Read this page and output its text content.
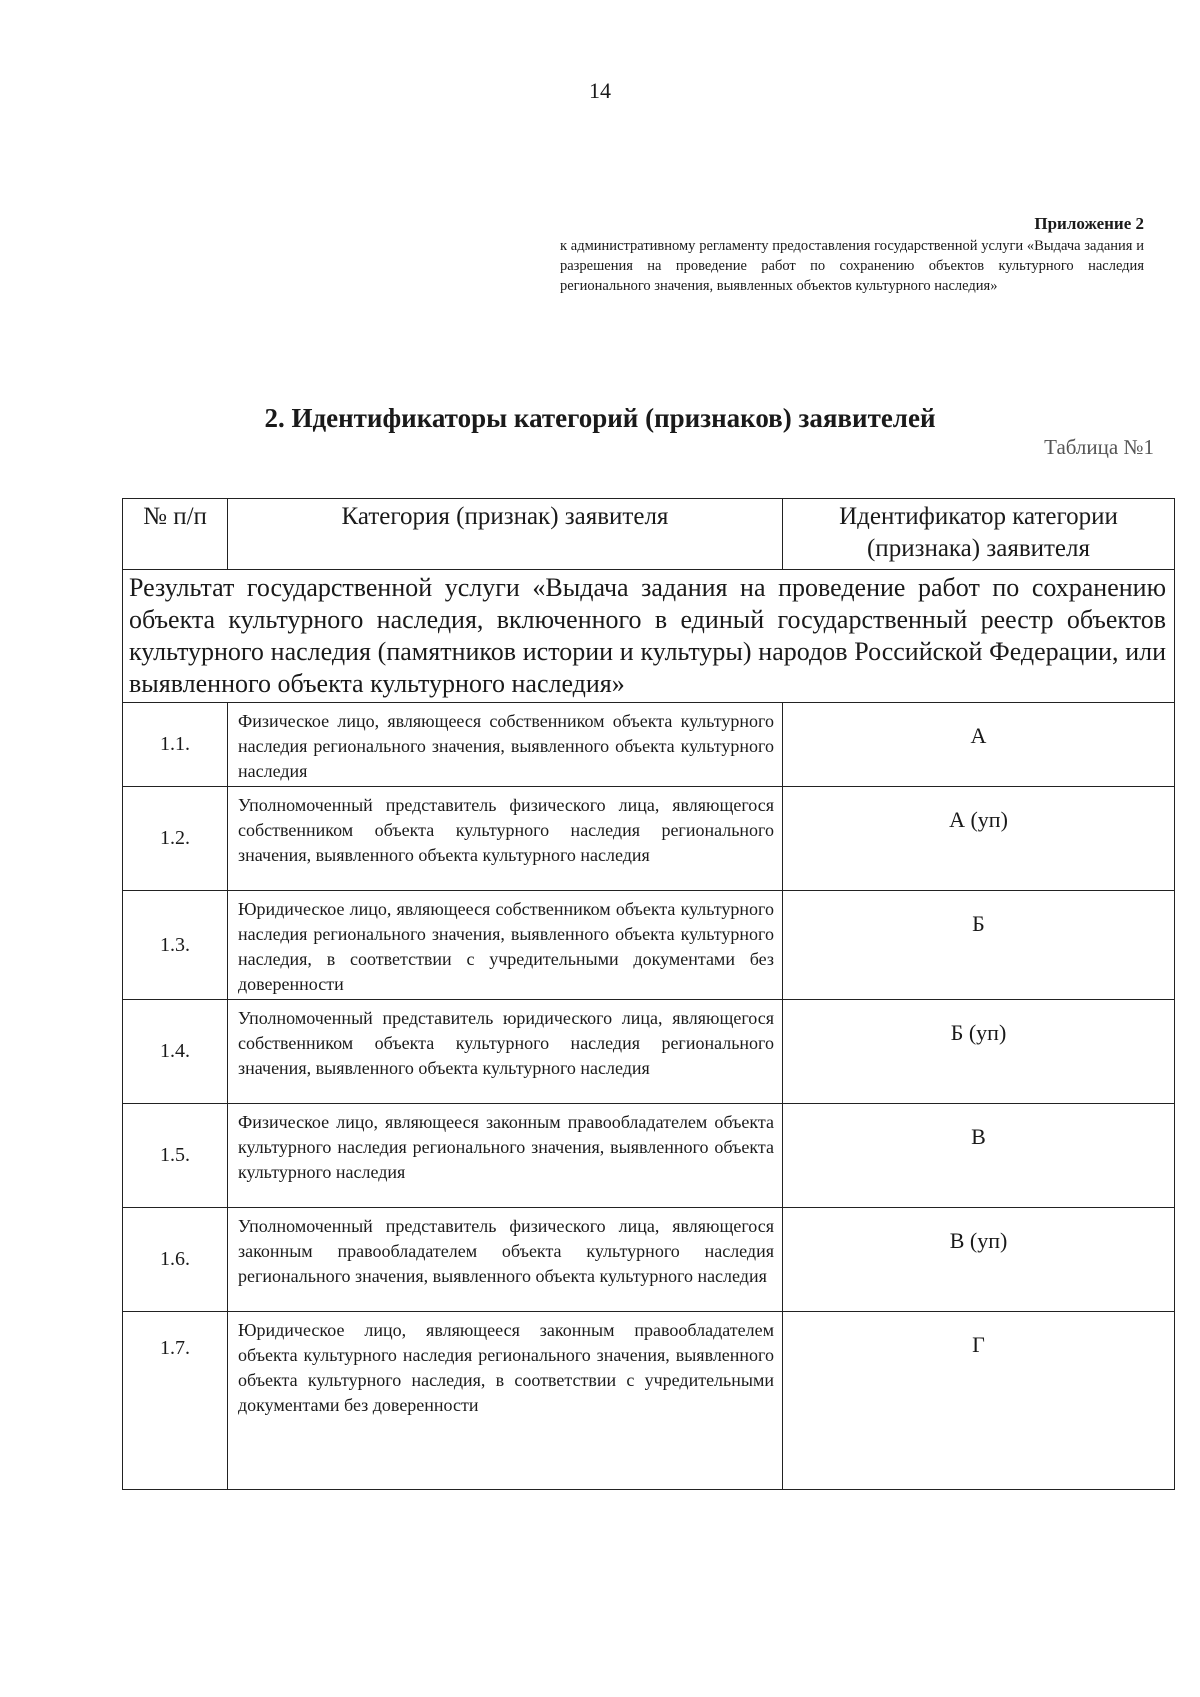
14
Приложение 2
к административному регламенту предоставления государственной услуги «Выдача задания и разрешения на проведение работ по сохранению объектов культурного наследия регионального значения, выявленных объектов культурного наследия»
2. Идентификаторы категорий (признаков) заявителей
Таблица №1
№ п/п	Категория (признак) заявителя	Идентификатор категории (признака) заявителя
Результат государственной услуги «Выдача задания на проведение работ по сохранению объекта культурного наследия, включенного в единый государственный реестр объектов культурного наследия (памятников истории и культуры) народов Российской Федерации, или выявленного объекта культурного наследия»		
1.1.	Физическое лицо, являющееся собственником объекта культурного наследия регионального значения, выявленного объекта культурного наследия	А
1.2.	Уполномоченный представитель физического лица, являющегося собственником объекта культурного наследия регионального значения, выявленного объекта культурного наследия	А (уп)
1.3.	Юридическое лицо, являющееся собственником объекта культурного наследия регионального значения, выявленного объекта культурного наследия, в соответствии с учредительными документами без доверенности	Б
1.4.	Уполномоченный представитель юридического лица, являющегося собственником объекта культурного наследия регионального значения, выявленного объекта культурного наследия	Б (уп)
1.5.	Физическое лицо, являющееся законным правообладателем объекта культурного наследия регионального значения, выявленного объекта культурного наследия	В
1.6.	Уполномоченный представитель физического лица, являющегося законным правообладателем объекта культурного наследия регионального значения, выявленного объекта культурного наследия	В (уп)
1.7.	Юридическое лицо, являющееся законным правообладателем объекта культурного наследия регионального значения, выявленного объекта культурного наследия, в соответствии с учредительными документами без доверенности	Г
